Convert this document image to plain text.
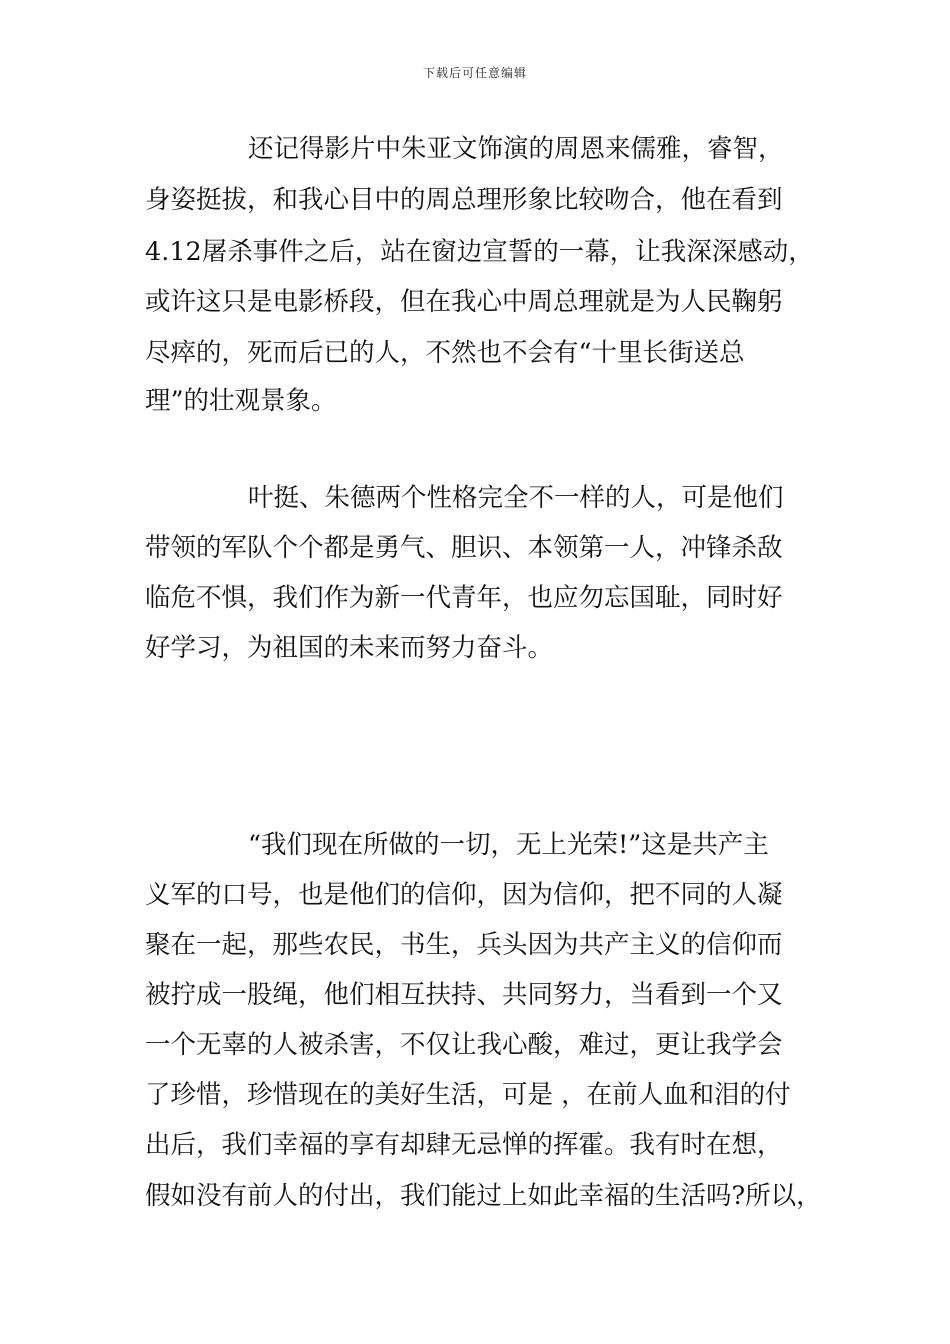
下载后可任意编辑
还记得影片中朱亚文饰演的周恩来儒雅，睿智，
身姿挺拔，和我心目中的周总理形象比较吻合，他在看到
4.12屠杀事件之后，站在窗边宣誓的一幕，让我深深感动，
或许这只是电影桥段，但在我心中周总理就是为人民鞠躬
尽瘁的，死而后已的人，不然也不会有“十里长街送总
理”的壮观景象。
叶挺、朱德两个性格完全不一样的人，可是他们
带领的军队个个都是勇气、胆识、本领第一人，冲锋杀敌
临危不惧，我们作为新一代青年，也应勿忘国耻，同时好
好学习，为祖国的未来而努力奋斗。
“我们现在所做的一切，无上光荣!”这是共产主
义军的口号，也是他们的信仰，因为信仰，把不同的人凝
聚在一起，那些农民，书生，兵头因为共产主义的信仰而
被拧成一股绳，他们相互扶持、共同努力，当看到一个又
一个无辜的人被杀害，不仅让我心酸，难过，更让我学会
了珍惜，珍惜现在的美好生活，可是 ，在前人血和泪的付
出后，我们幸福的享有却肆无忌惮的挥霍。我有时在想，
假如没有前人的付出，我们能过上如此幸福的生活吗?所以，
